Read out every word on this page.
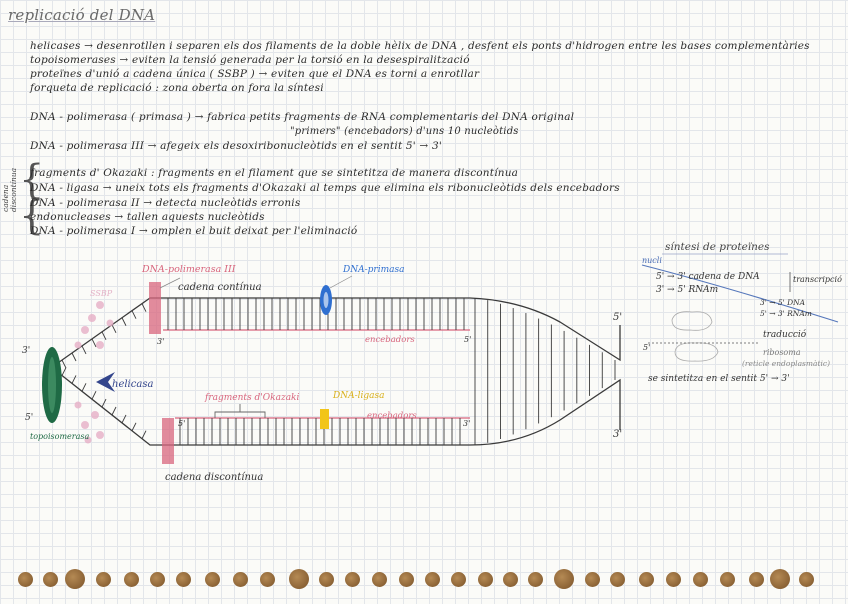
replicació del DNA
helicases → desenrotllen i separen els dos filaments de la doble hèlix de DNA , desfent els ponts d'hidrogen entre les bases complementàries
topoisomerases → eviten la tensió generada per la torsió en la desespiralització
proteïnes d'unió a cadena única ( SSBP ) → eviten que el DNA es torni a enrotllar
forqueta de replicació : zona oberta on fora la síntesi
DNA - polimerasa ( primasa ) → fabrica petits fragments de RNA complementaris del DNA original
"primers" (encebadors) d'uns 10 nucleòtids
DNA - polimerasa III → afegeix els desoxiribonucleòtids en el sentit 5' → 3'
cadena discontínua {
{
fragments d' Okazaki : fragments en el filament que se sintetitza de manera discontínua
DNA - ligasa → uneix tots els fragments d'Okazaki al temps que elimina els ribonucleòtids dels encebadors
DNA - polimerasa II → detecta nucleòtids erronis
endonucleases → tallen aquests nucleòtids
DNA - polimerasa I → omplen el buit deixat per l'eliminació
DNA-polimerasa III
cadena contínua
DNA-primasa
encebadors
SSBP
helicasa
topoisomerasa
fragments d'Okazaki	DNA-ligasa
encebadors
cadena discontínua
3'
5'
3'
5'
5'
3'
5'
3'
síntesi de proteïnes
nucli
5' → 3' cadena de DNA	transcripció
3' → 5' RNAm
3' → 5' DNA
5' → 3' RNAm
traducció
5'
ribosoma
(reticle endoplasmàtic)
se sintetitza en el sentit 5' → 3'
